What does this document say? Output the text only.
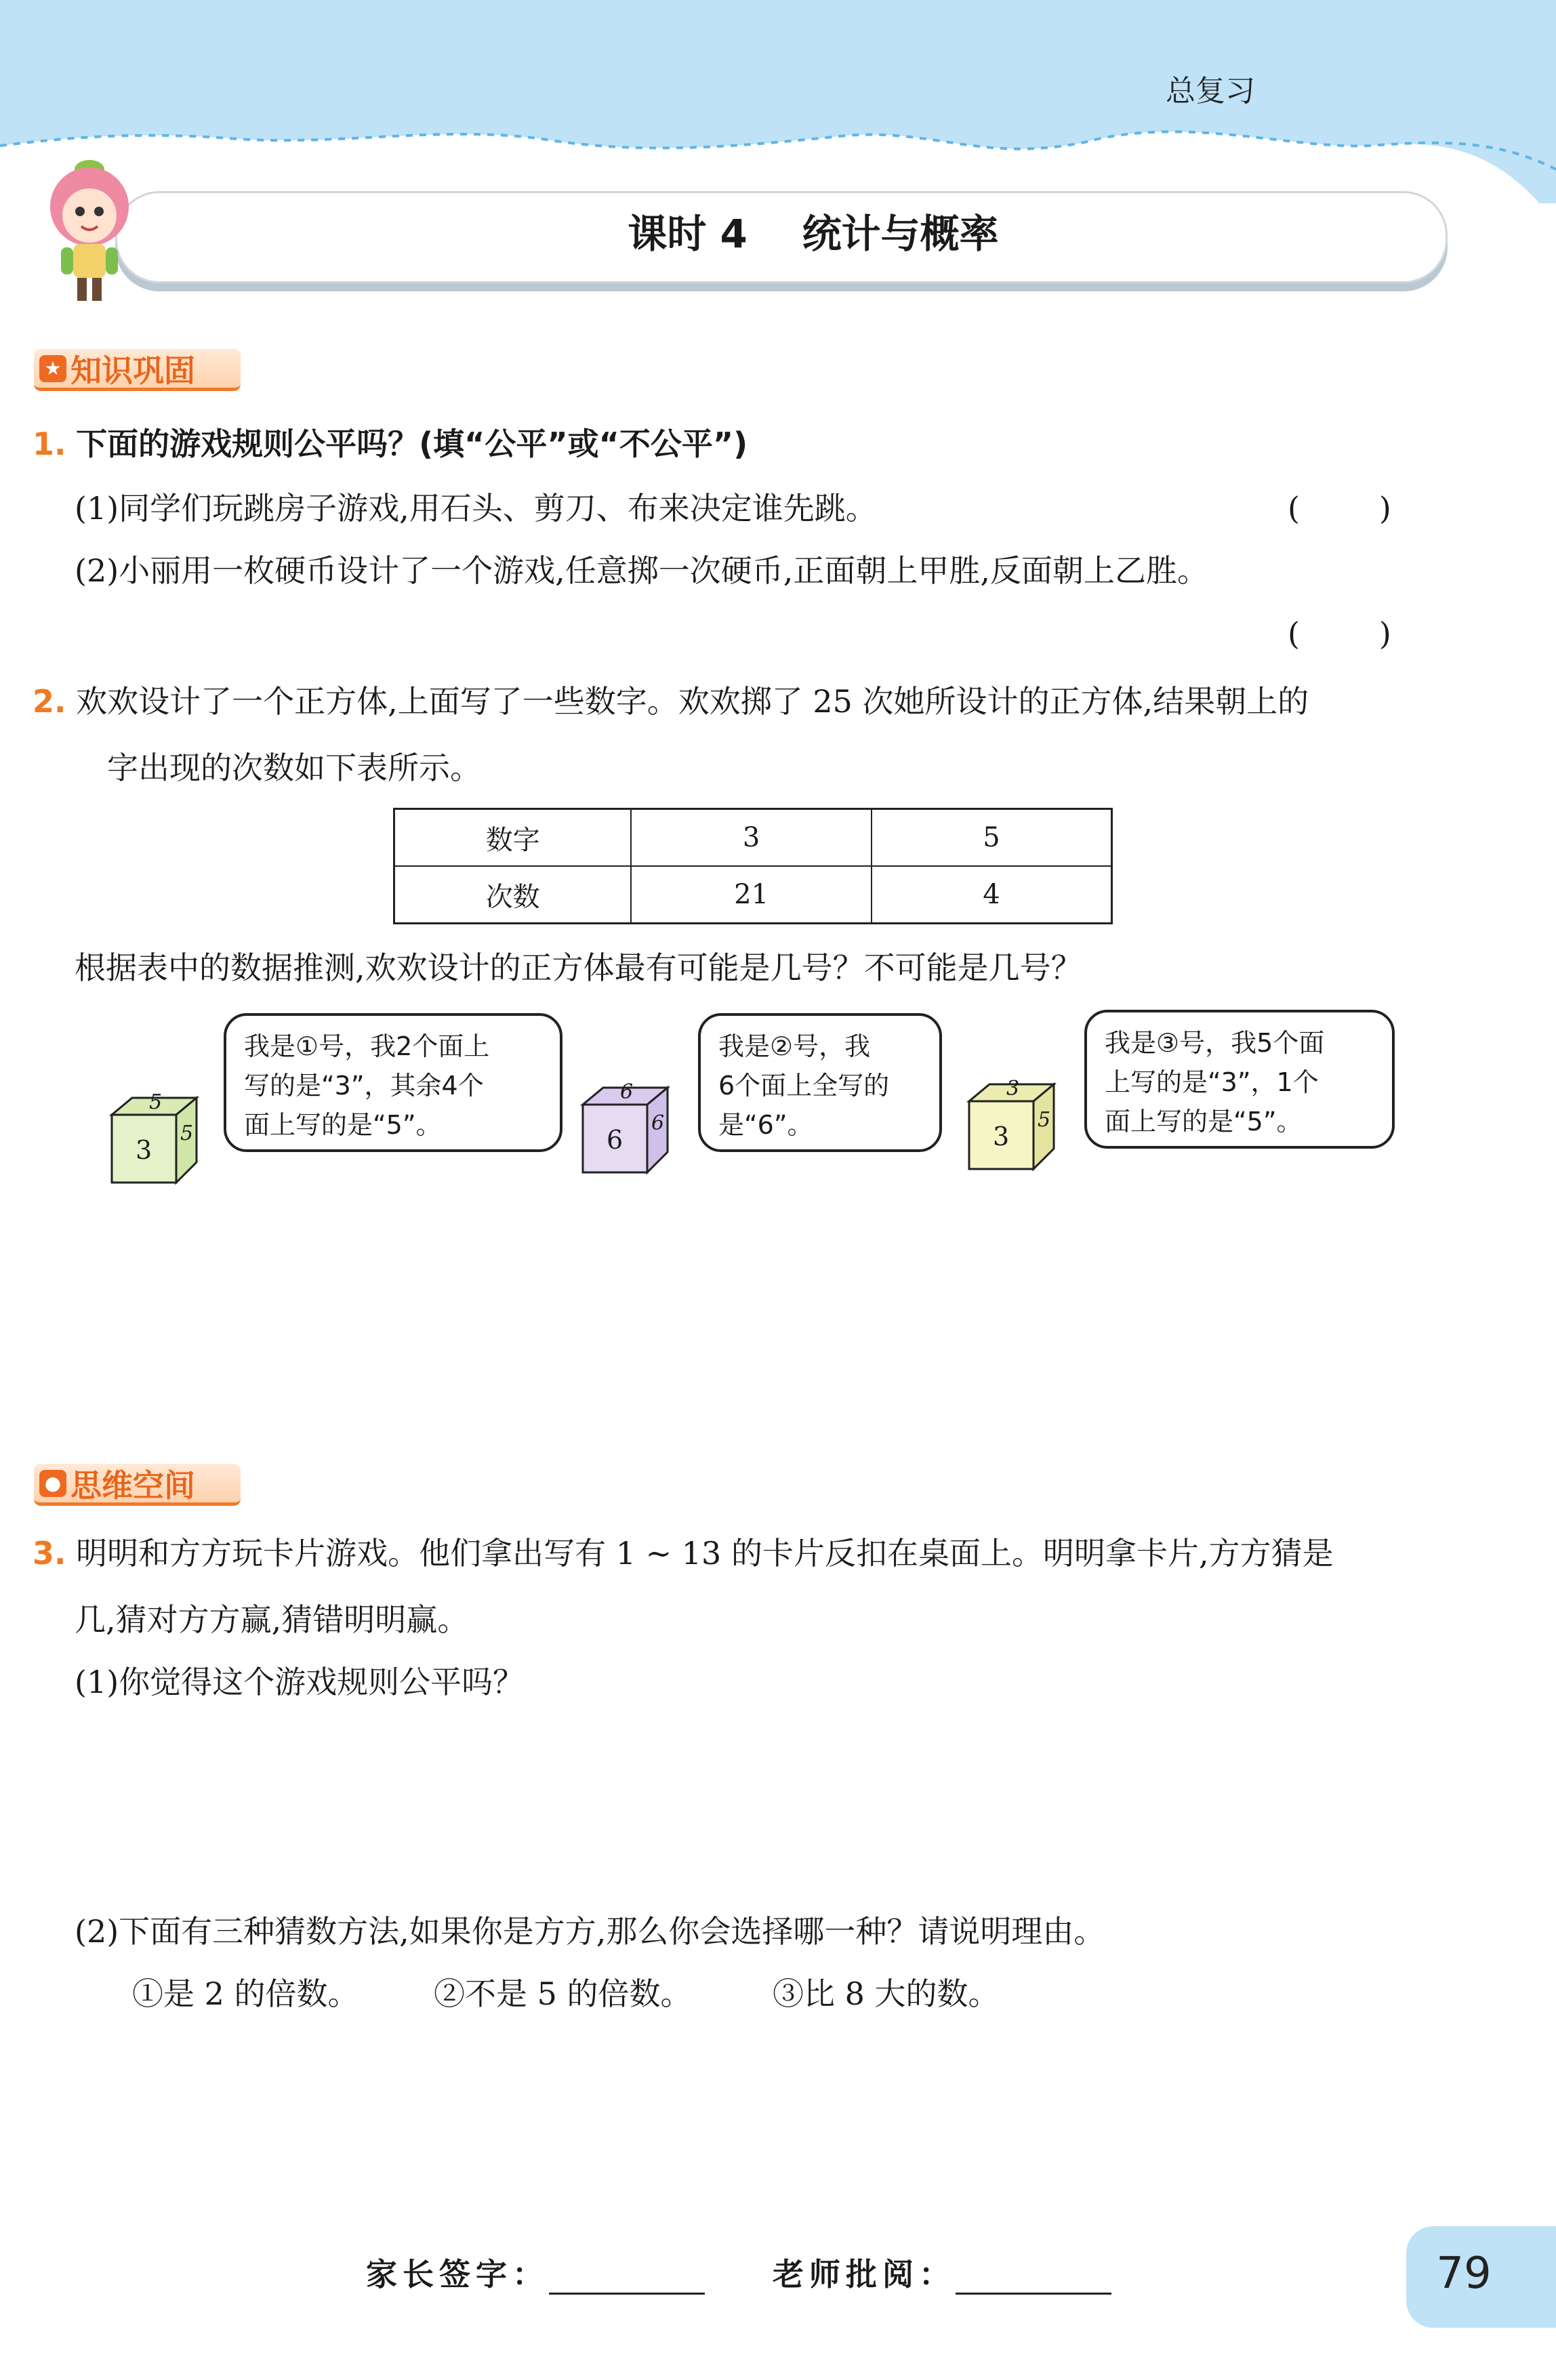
总复习
课时 4    统计与概率
★ 知识巩固
1. 下面的游戏规则公平吗？(填“公平”或“不公平”)
(1)同学们玩跳房子游戏,用石头、剪刀、布来决定谁先跳。	(        )
(2)小丽用一枚硬币设计了一个游戏,任意掷一次硬币,正面朝上甲胜,反面朝上乙胜。
(        )
2. 欢欢设计了一个正方体,上面写了一些数字。欢欢掷了 25 次她所设计的正方体,结果朝上的
字出现的次数如下表所示。
数字	3	5
次数	21	4
根据表中的数据推测,欢欢设计的正方体最有可能是几号？不可能是几号？
3
5
5
我是①号，我2个面上
写的是“3”，其余4个
面上写的是“5”。	6
6
6
我是②号，我
6个面上全写的
是“6”。	3
3
5
我是③号，我5个面
上写的是“3”，1个
面上写的是“5”。
● 思维空间
3. 明明和方方玩卡片游戏。他们拿出写有 1 ~ 13 的卡片反扣在桌面上。明明拿卡片,方方猜是
几,猜对方方赢,猜错明明赢。
(1)你觉得这个游戏规则公平吗？
(2)下面有三种猜数方法,如果你是方方,那么你会选择哪一种？请说明理由。
①是 2 的倍数。 ②不是 5 的倍数。	③比 8 大的数。
家长签字：	老师批阅：	79
